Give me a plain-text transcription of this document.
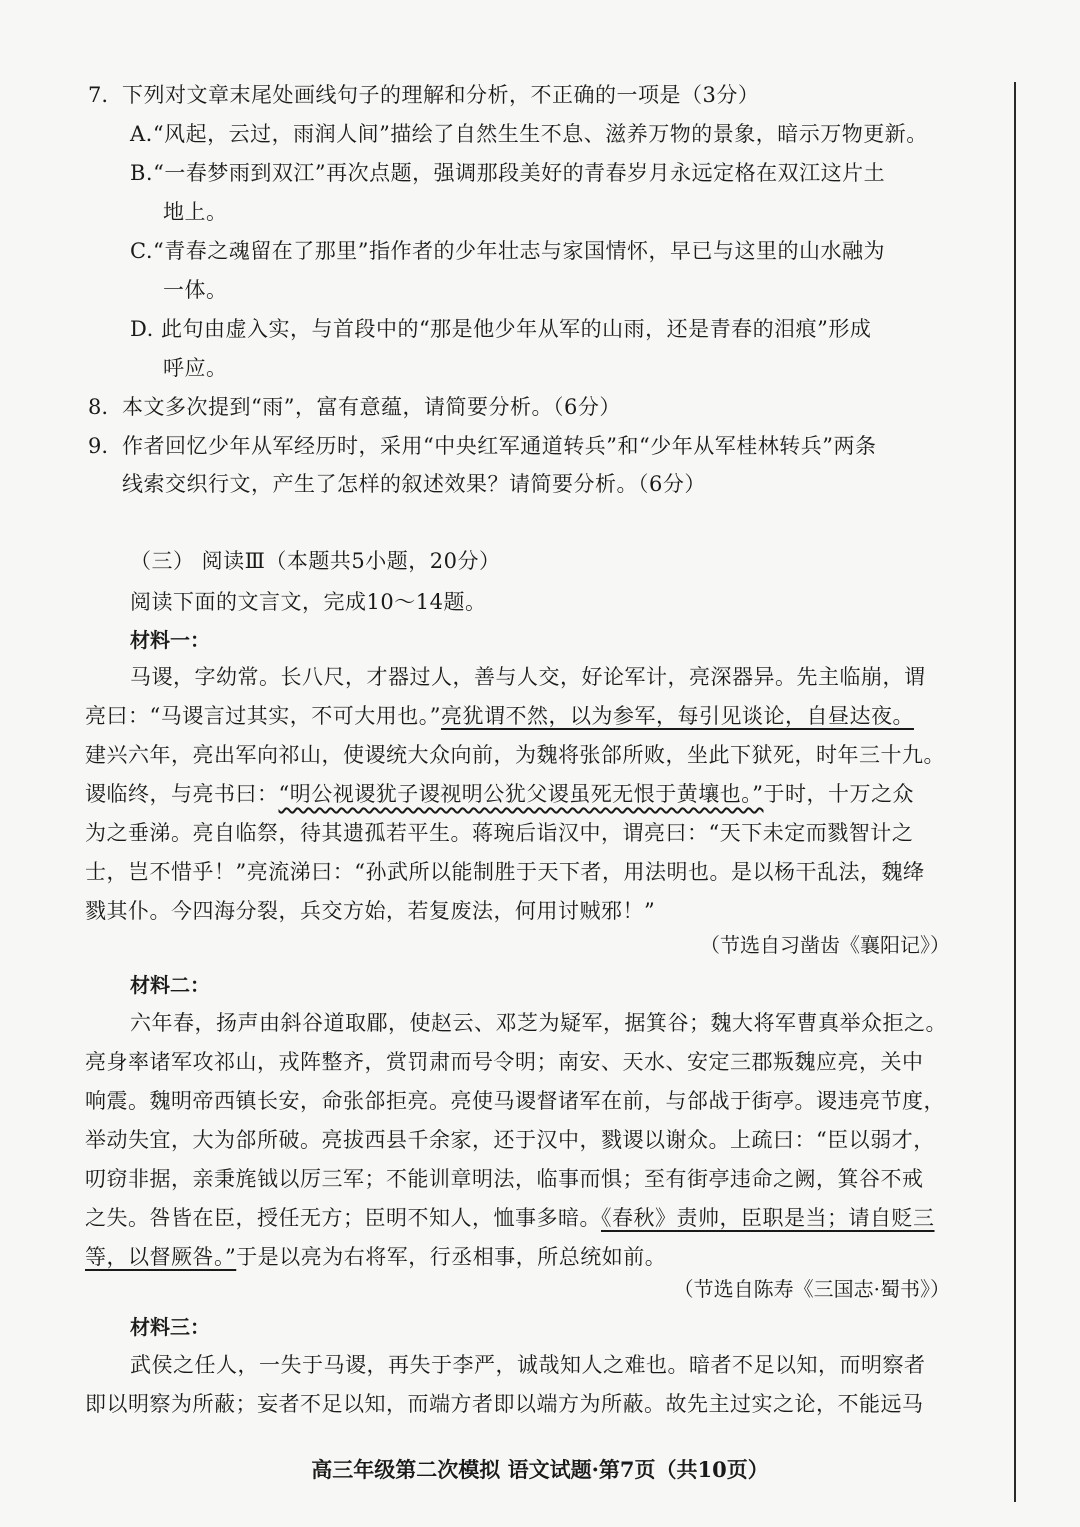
7. 下列对文章末尾处画线句子的理解和分析，不正确的一项是（3分）
A.“风起，云过，雨润人间”描绘了自然生生不息、滋养万物的景象，暗示万物更新。
B.“一春梦雨到双江”再次点题，强调那段美好的青春岁月永远定格在双江这片土
地上。
C.“青春之魂留在了那里”指作者的少年壮志与家国情怀，早已与这里的山水融为
一体。
D. 此句由虚入实，与首段中的“那是他少年从军的山雨，还是青春的泪痕”形成
呼应。
8. 本文多次提到“雨”，富有意蕴，请简要分析。（6分）
9. 作者回忆少年从军经历时，采用“中央红军通道转兵”和“少年从军桂林转兵”两条
线索交织行文，产生了怎样的叙述效果？请简要分析。（6分）
（三） 阅读Ⅲ（本题共5小题，20分）
阅读下面的文言文，完成10～14题。
材料一：
马谡，字幼常。长八尺，才器过人，善与人交，好论军计，亮深器异。先主临崩，谓
亮曰：“马谡言过其实，不可大用也。”亮犹谓不然，以为参军，每引见谈论，自昼达夜。
建兴六年，亮出军向祁山，使谡统大众向前，为魏将张郃所败，坐此下狱死，时年三十九。
谡临终，与亮书曰：“明公视谡犹子谡视明公犹父谡虽死无恨于黄壤也。”于时，十万之众
为之垂涕。亮自临祭，待其遗孤若平生。蒋琬后诣汉中，谓亮曰：“天下未定而戮智计之
士，岂不惜乎！”亮流涕曰：“孙武所以能制胜于天下者，用法明也。是以杨干乱法，魏绛
戮其仆。今四海分裂，兵交方始，若复废法，何用讨贼邪！”
（节选自习凿齿《襄阳记》）
材料二：
六年春，扬声由斜谷道取郿，使赵云、邓芝为疑军，据箕谷；魏大将军曹真举众拒之。
亮身率诸军攻祁山，戎阵整齐，赏罚肃而号令明；南安、天水、安定三郡叛魏应亮，关中
响震。魏明帝西镇长安，命张郃拒亮。亮使马谡督诸军在前，与郃战于街亭。谡违亮节度，
举动失宜，大为郃所破。亮拔西县千余家，还于汉中，戮谡以谢众。上疏曰：“臣以弱才，
叨窃非据，亲秉旄钺以厉三军；不能训章明法，临事而惧；至有街亭违命之阙，箕谷不戒
之失。咎皆在臣，授任无方；臣明不知人，恤事多暗。《春秋》责帅，臣职是当；请自贬三
等，以督厥咎。”于是以亮为右将军，行丞相事，所总统如前。
（节选自陈寿《三国志·蜀书》）
材料三：
武侯之任人，一失于马谡，再失于李严，诚哉知人之难也。暗者不足以知，而明察者
即以明察为所蔽；妄者不足以知，而端方者即以端方为所蔽。故先主过实之论，不能远马
高三年级第二次模拟 语文试题·第7页（共10页）
